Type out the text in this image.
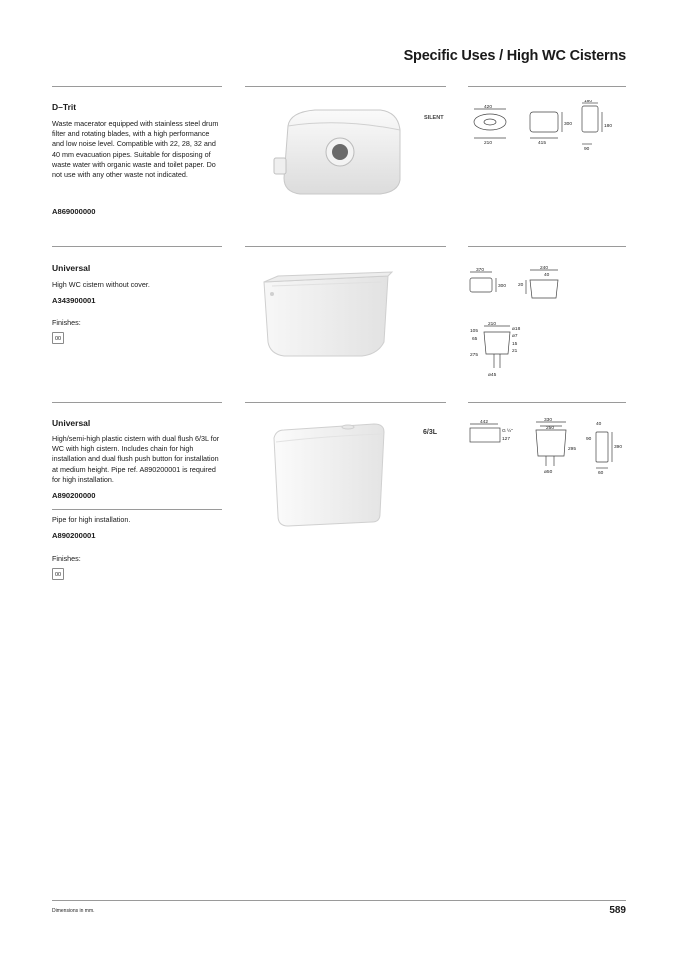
Specific Uses / High WC Cisterns
D–Trit
Waste macerator equipped with stainless steel drum filter and rotating blades, with a high performance and low noise level. Compatible with 22, 28, 32 and 40 mm evacuation pipes. Suitable for disposing of waste water with organic waste and toilet paper. Do not use with any other waste not indicated.
A869000000
SILENT
420
210	415
300
180
180
90
Universal
High WC cistern without cover.
A343900001
Finishes:
00
370
300
240
40
20
210
105
65
275
ø18
ø7
15
21
ø45
Universal
High/semi-high plastic cistern with dual flush 6/3L for WC with high cistern. Includes chain for high installation and dual flush push button for installation at medium height. Pipe ref. A890200001 is required for high installation.
A890200000
Pipe for high installation.
A890200001
Finishes:
00
6/3L
442
127
G ½"
330
250
40
90
295	390
ø50	60
Dimensions in mm.	589
